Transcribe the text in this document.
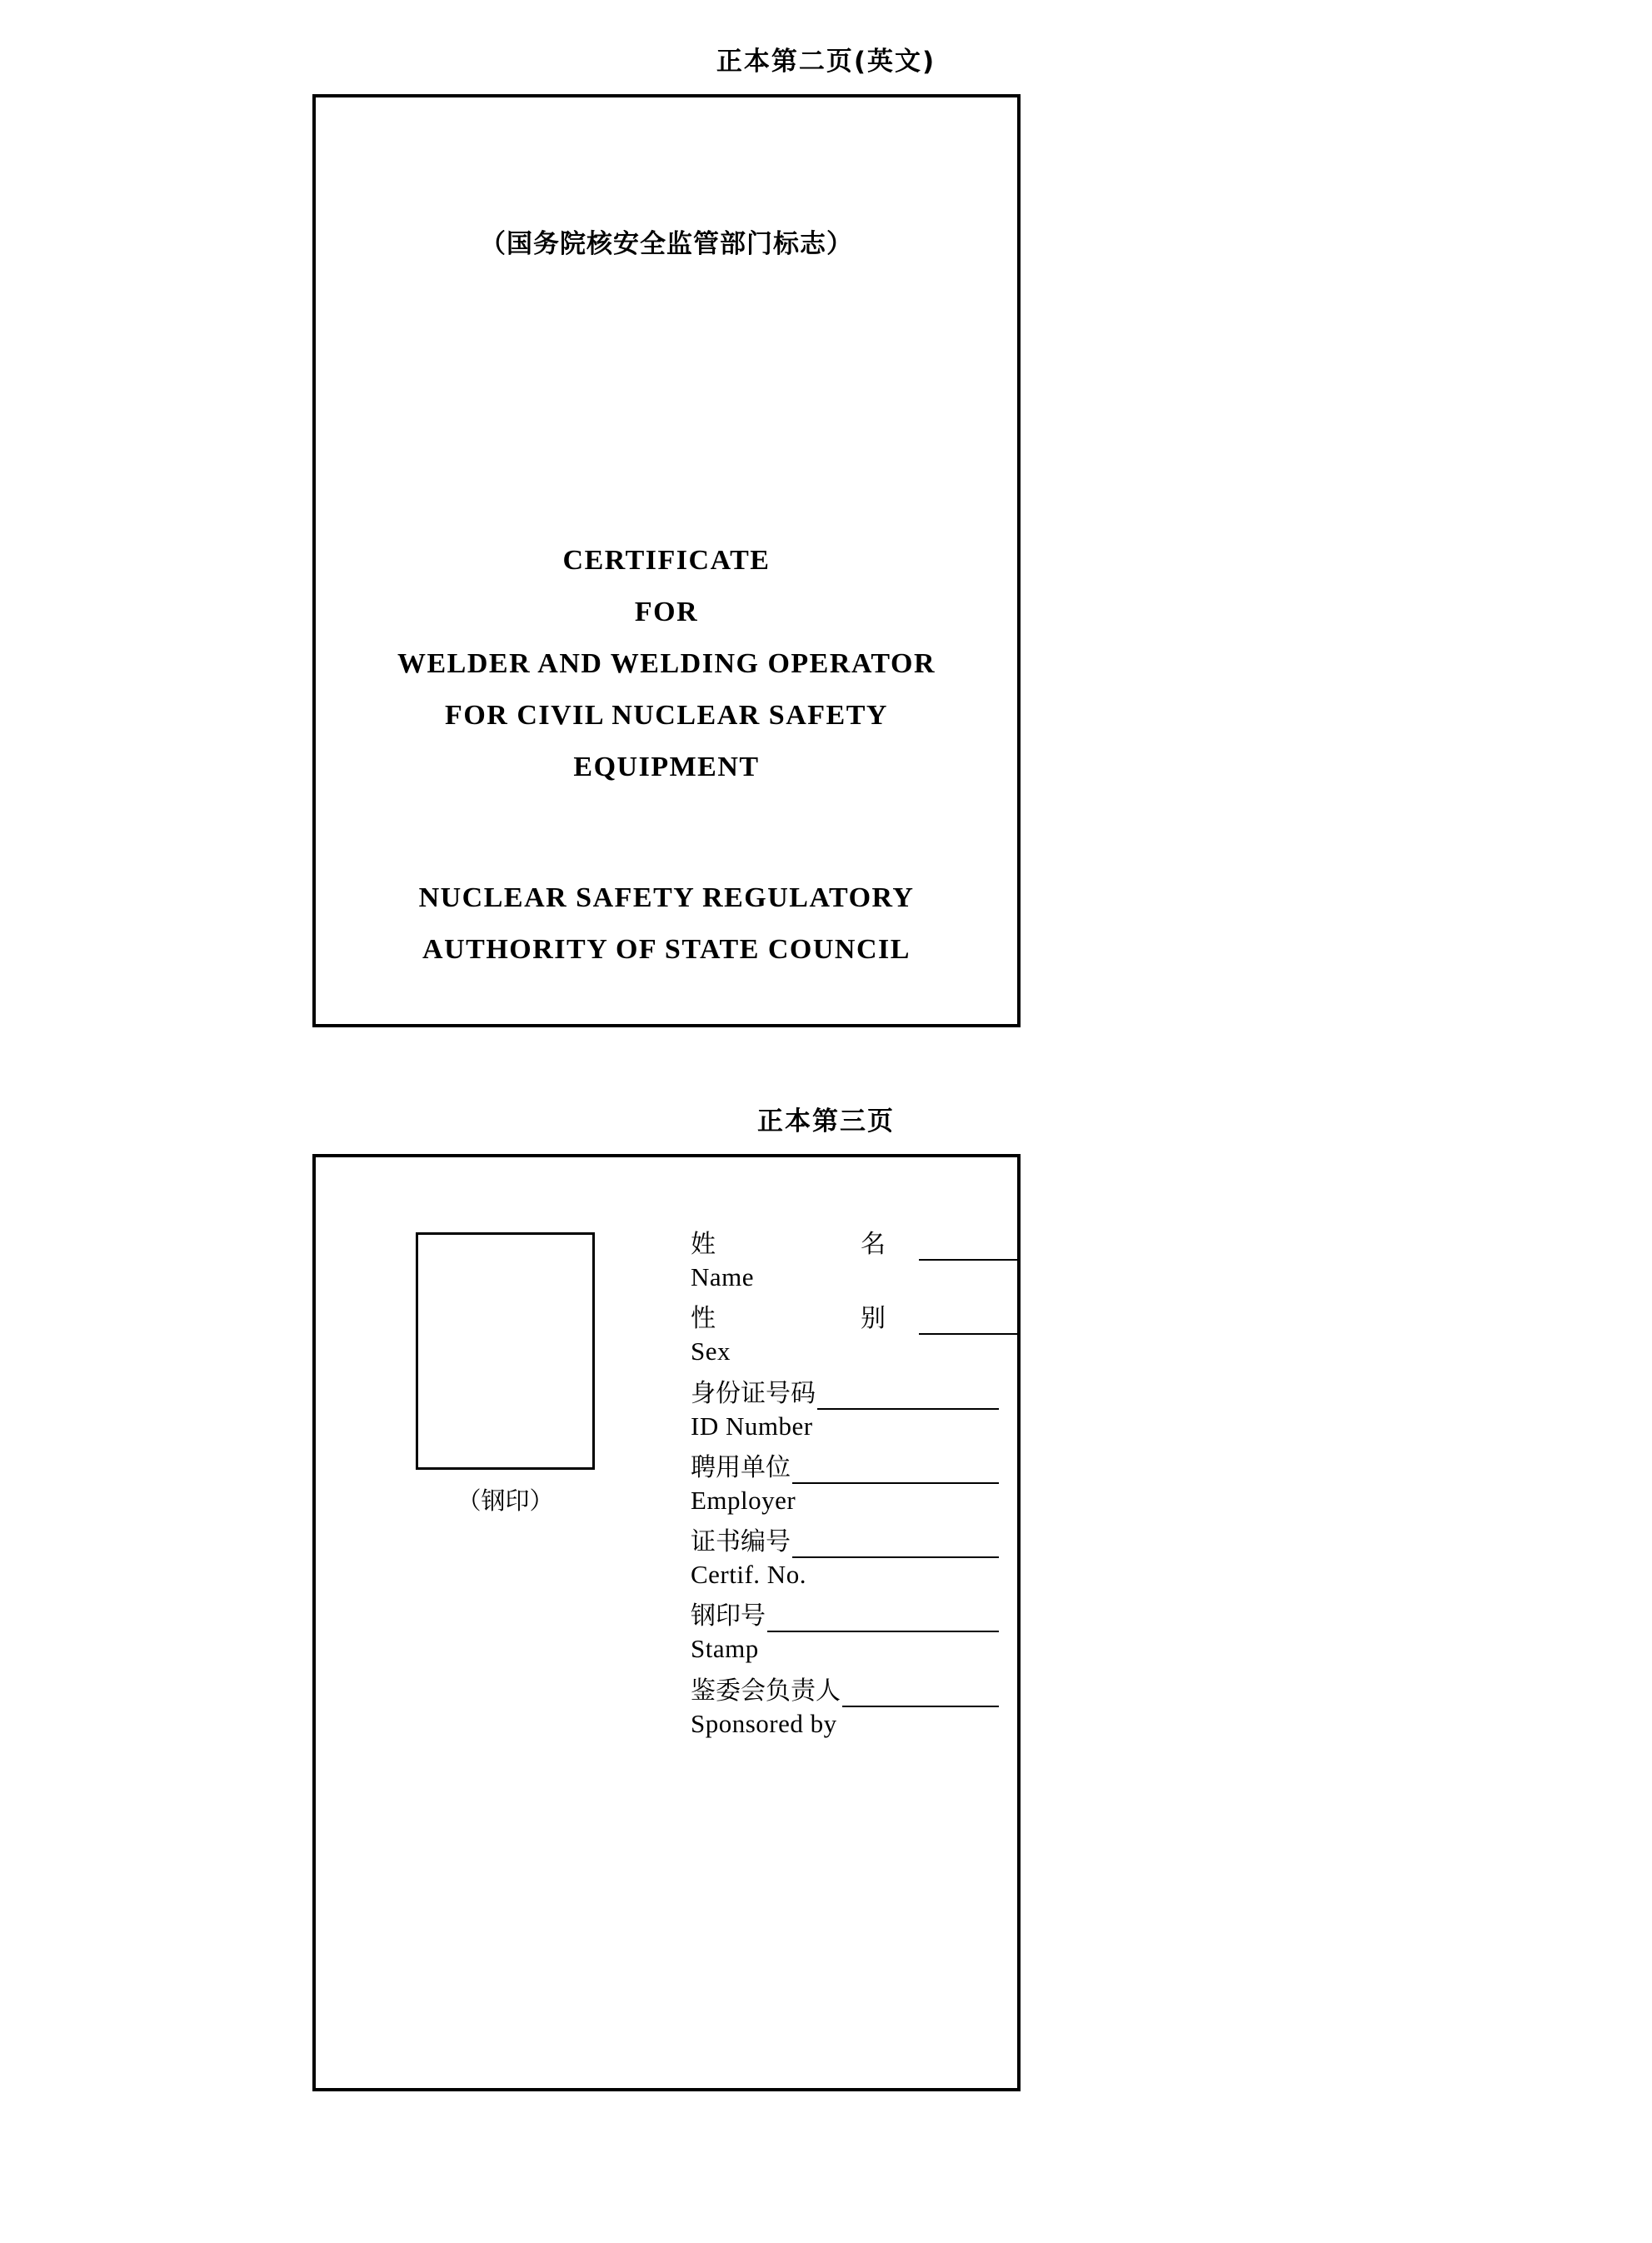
正本第二页(英文)
（国务院核安全监管部门标志）
CERTIFICATE
FOR
WELDER AND WELDING OPERATOR
FOR CIVIL NUCLEAR SAFETY
EQUIPMENT
NUCLEAR SAFETY REGULATORY
AUTHORITY OF STATE COUNCIL
正本第三页
（钢印）
姓　　名
Name
性　　别
Sex
身份证号码
ID Number
聘用单位
Employer
证书编号
Certif. No.
钢印号
Stamp
鉴委会负责人
Sponsored by
